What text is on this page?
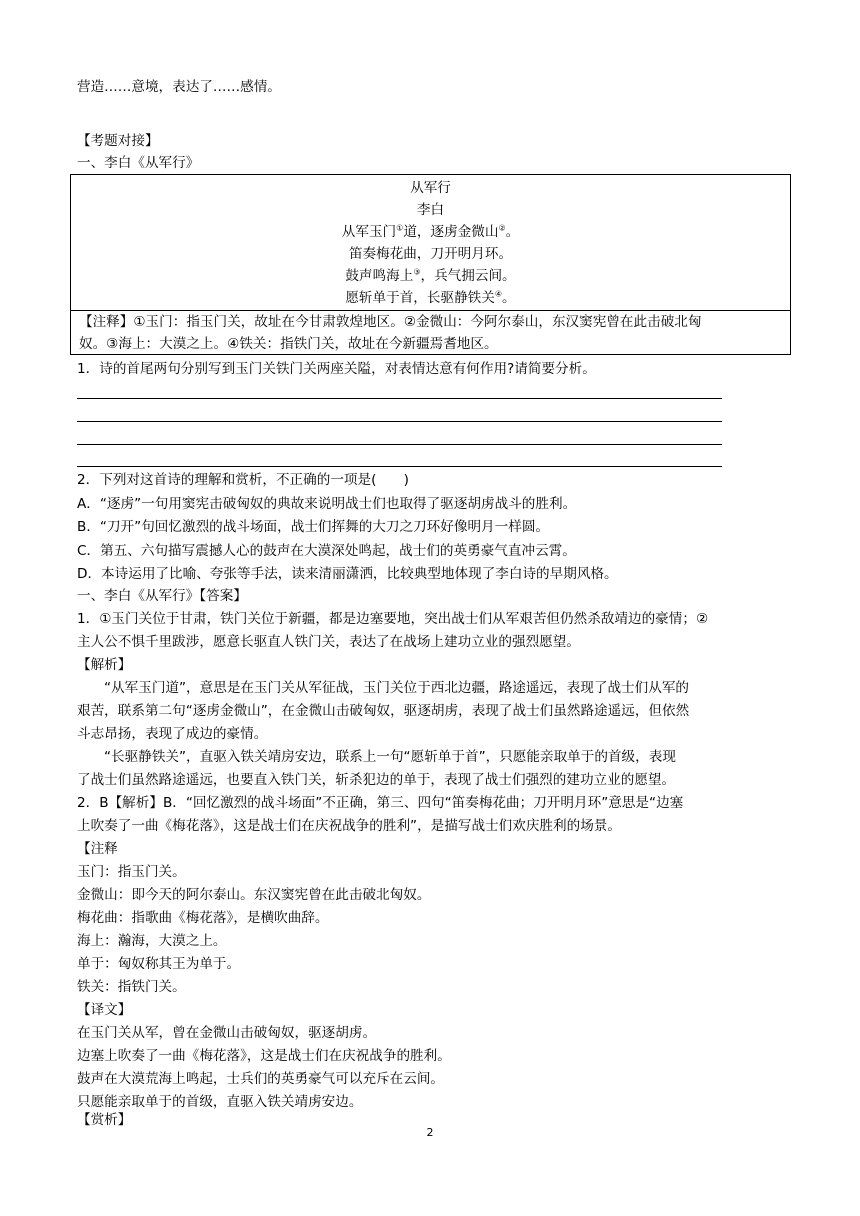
营造……意境，表达了……感情。
【考题对接】
一、李白《从军行》
从军行
李白
从军玉门①道，逐虏金微山②。
笛奏梅花曲，刀开明月环。
鼓声鸣海上③，兵气拥云间。
愿斩单于首，长驱静铁关④。
【注释】①玉门：指玉门关，故址在今甘肃敦煌地区。②金微山：今阿尔泰山，东汉窦宪曾在此击破北匈
奴。③海上：大漠之上。④铁关：指铁门关，故址在今新疆焉耆地区。
1．诗的首尾两句分别写到玉门关铁门关两座关隘，对表情达意有何作用?请简要分析。
2．下列对这首诗的理解和赏析，不正确的一项是(　　)
A．“逐虏”一句用窦宪击破匈奴的典故来说明战士们也取得了驱逐胡虏战斗的胜利。
B．“刀开”句回忆激烈的战斗场面，战士们挥舞的大刀之刀环好像明月一样圆。
C．第五、六句描写震撼人心的鼓声在大漠深处鸣起，战士们的英勇豪气直冲云霄。
D．本诗运用了比喻、夸张等手法，读来清丽潇洒，比较典型地体现了李白诗的早期风格。
一、李白《从军行》【答案】
1．①玉门关位于甘肃，铁门关位于新疆，都是边塞要地，突出战士们从军艰苦但仍然杀敌靖边的豪情；②
主人公不惧千里跋涉，愿意长驱直人铁门关，表达了在战场上建功立业的强烈愿望。
【解析】
“从军玉门道”，意思是在玉门关从军征战，玉门关位于西北边疆，路途遥远，表现了战士们从军的
艰苦，联系第二句“逐虏金微山”，在金微山击破匈奴，驱逐胡虏，表现了战士们虽然路途遥远，但依然
斗志昂扬，表现了成边的豪情。
“长驱静铁关”，直驱入铁关靖房安边，联系上一句“愿斩单于首”，只愿能亲取单于的首级，表现
了战士们虽然路途遥远，也要直入铁门关，斩杀犯边的单于，表现了战士们强烈的建功立业的愿望。
2．B【解析】B．“回忆激烈的战斗场面”不正确，第三、四句“笛奏梅花曲；刀开明月环”意思是“边塞
上吹奏了一曲《梅花落》，这是战士们在庆祝战争的胜利”，是描写战士们欢庆胜利的场景。
【注释
玉门：指玉门关。
金微山：即今天的阿尔泰山。东汉窦宪曾在此击破北匈奴。
梅花曲：指歌曲《梅花落》，是横吹曲辞。
海上：瀚海，大漠之上。
单于：匈奴称其王为单于。
铁关：指铁门关。
【译文】
在玉门关从军，曾在金微山击破匈奴，驱逐胡虏。
边塞上吹奏了一曲《梅花落》，这是战士们在庆祝战争的胜利。
鼓声在大漠荒海上鸣起，士兵们的英勇豪气可以充斥在云间。
只愿能亲取单于的首级，直驱入铁关靖虏安边。
【赏析】
2
